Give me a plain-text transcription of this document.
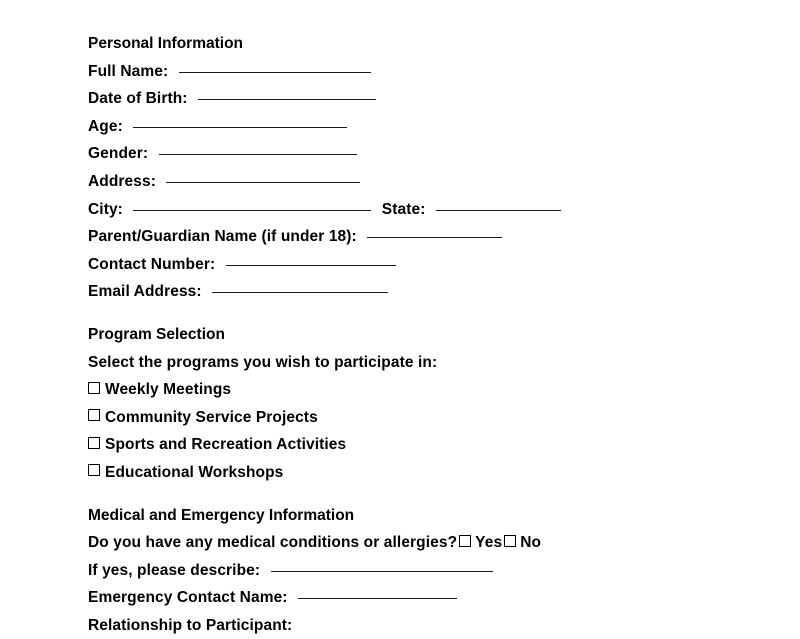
Personal Information
Full Name:
Date of Birth:
Age:
Gender:
Address:
City:	State:
Parent/Guardian Name (if under 18):
Contact Number:
Email Address:
Program Selection
Select the programs you wish to participate in:
Weekly Meetings
Community Service Projects
Sports and Recreation Activities
Educational Workshops
Medical and Emergency Information
Do you have any medical conditions or allergies? Yes No
If yes, please describe:
Emergency Contact Name:
Relationship to Participant:
